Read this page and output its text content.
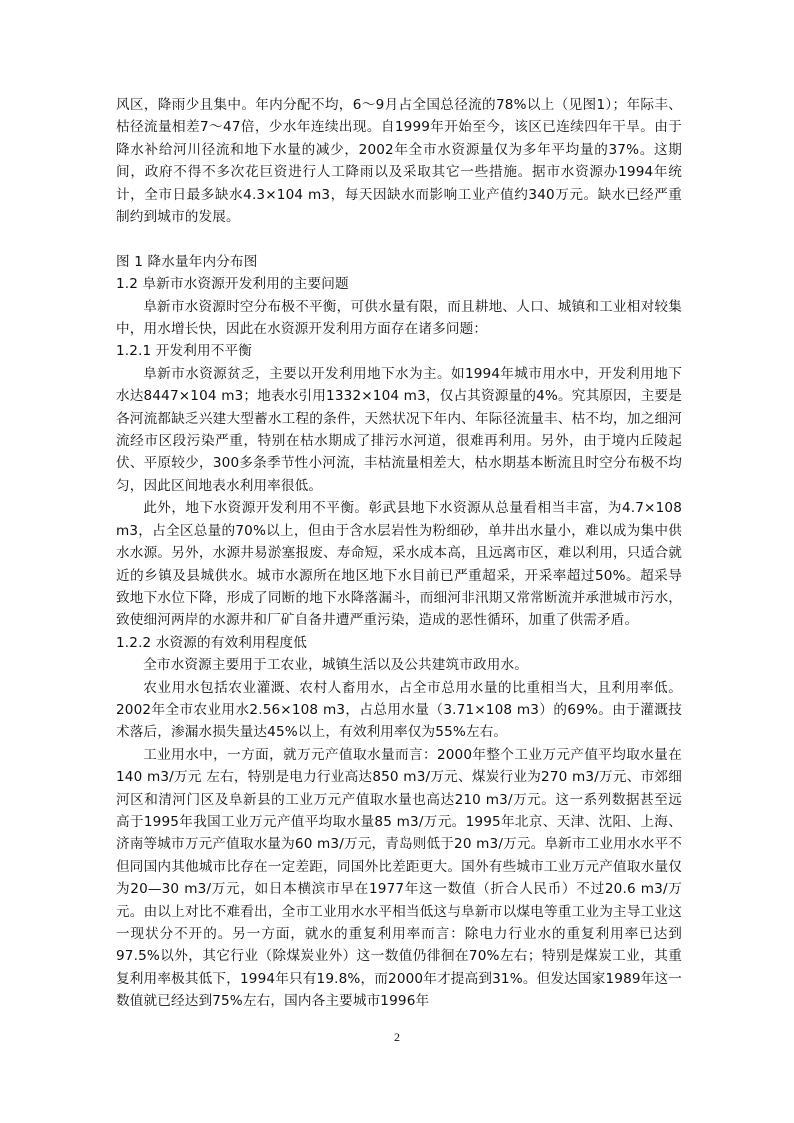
风区，降雨少且集中。年内分配不均，6～9月占全国总径流的78%以上（见图1）；年际丰、枯径流量相差7～47倍，少水年连续出现。自1999年开始至今，该区已连续四年干旱。由于降水补给河川径流和地下水量的减少，2002年全市水资源量仅为多年平均量的37%。这期间，政府不得不多次花巨资进行人工降雨以及采取其它一些措施。据市水资源办1994年统计，全市日最多缺水4.3×104 m3，每天因缺水而影响工业产值约340万元。缺水已经严重制约到城市的发展。

图 1 降水量年内分布图

1.2 阜新市水资源开发利用的主要问题

阜新市水资源时空分布极不平衡，可供水量有限，而且耕地、人口、城镇和工业相对较集中，用水增长快，因此在水资源开发利用方面存在诸多问题：

1.2.1 开发利用不平衡

阜新市水资源贫乏，主要以开发利用地下水为主。如1994年城市用水中，开发利用地下水达8447×104 m3；地表水引用1332×104 m3，仅占其资源量的4%。究其原因，主要是各河流都缺乏兴建大型蓄水工程的条件，天然状况下年内、年际径流量丰、枯不均，加之细河流经市区段污染严重，特别在枯水期成了排污水河道，很难再利用。另外，由于境内丘陵起伏、平原较少，300多条季节性小河流，丰枯流量相差大，枯水期基本断流且时空分布极不均匀，因此区间地表水利用率很低。

此外，地下水资源开发利用不平衡。彰武县地下水资源从总量看相当丰富，为4.7×108 m3，占全区总量的70%以上，但由于含水层岩性为粉细砂，单井出水量小，难以成为集中供水水源。另外，水源井易淤塞报废、寿命短，采水成本高，且远离市区，难以利用，只适合就近的乡镇及县城供水。城市水源所在地区地下水目前已严重超采，开采率超过50%。超采导致地下水位下降，形成了同断的地下水降落漏斗，而细河非汛期又常常断流并承泄城市污水，致使细河两岸的水源井和厂矿自备井遭严重污染，造成的恶性循环，加重了供需矛盾。

1.2.2 水资源的有效利用程度低

全市水资源主要用于工农业，城镇生活以及公共建筑市政用水。

农业用水包括农业灌溉、农村人畜用水，占全市总用水量的比重相当大，且利用率低。2002年全市农业用水2.56×108 m3，占总用水量（3.71×108 m3）的69%。由于灌溉技术落后，渗漏水损失量达45%以上，有效利用率仅为55%左右。

工业用水中，一方面，就万元产值取水量而言：2000年整个工业万元产值平均取水量在140 m3/万元 左右，特别是电力行业高达850 m3/万元、煤炭行业为270 m3/万元、市郊细河区和清河门区及阜新县的工业万元产值取水量也高达210 m3/万元。这一系列数据甚至远高于1995年我国工业万元产值平均取水量85 m3/万元。1995年北京、天津、沈阳、上海、济南等城市万元产值取水量为60 m3/万元，青岛则低于20 m3/万元。阜新市工业用水水平不但同国内其他城市比存在一定差距，同国外比差距更大。国外有些城市工业万元产值取水量仅为20—30 m3/万元，如日本横滨市早在1977年这一数值（折合人民币）不过20.6 m3/万元。由以上对比不难看出，全市工业用水水平相当低这与阜新市以煤电等重工业为主导工业这一现状分不开的。另一方面，就水的重复利用率而言：除电力行业水的重复利用率已达到97.5%以外，其它行业（除煤炭业外）这一数值仍徘徊在70%左右；特别是煤炭工业，其重复利用率极其低下，1994年只有19.8%，而2000年才提高到31%。但发达国家1989年这一数值就已经达到75%左右，国内各主要城市1996年

2
